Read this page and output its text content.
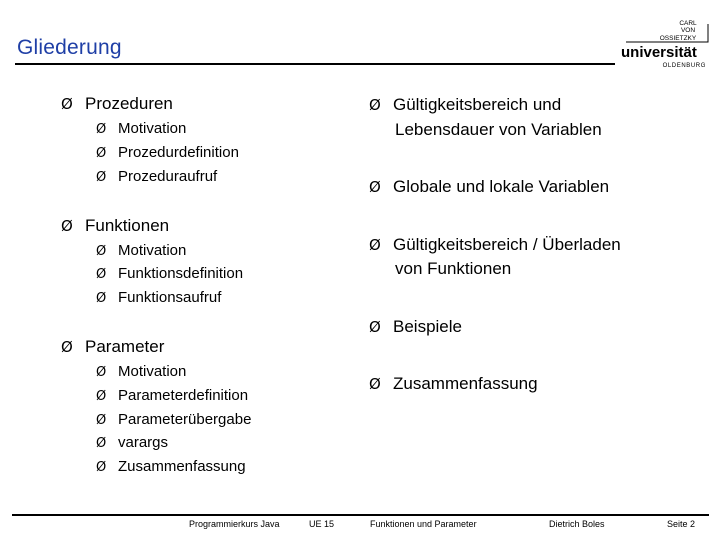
Gliederung
CARL
VON
OSSIETZKY
universität
OLDENBURG
Ø Prozeduren
Ø Motivation
Ø Prozedurdefinition
Ø Prozeduraufruf
Ø Funktionen
Ø Motivation
Ø Funktionsdefinition
Ø Funktionsaufruf
Ø Parameter
Ø Motivation
Ø Parameterdefinition
Ø Parameterübergabe
Ø varargs
Ø Zusammenfassung
Ø Gültigkeitsbereich und
Lebensdauer von Variablen
Ø Globale und lokale Variablen
Ø Gültigkeitsbereich / Überladen
von Funktionen
Ø Beispiele
Ø Zusammenfassung
Programmierkurs Java	UE 15	Funktionen und Parameter	Dietrich Boles	Seite 2
